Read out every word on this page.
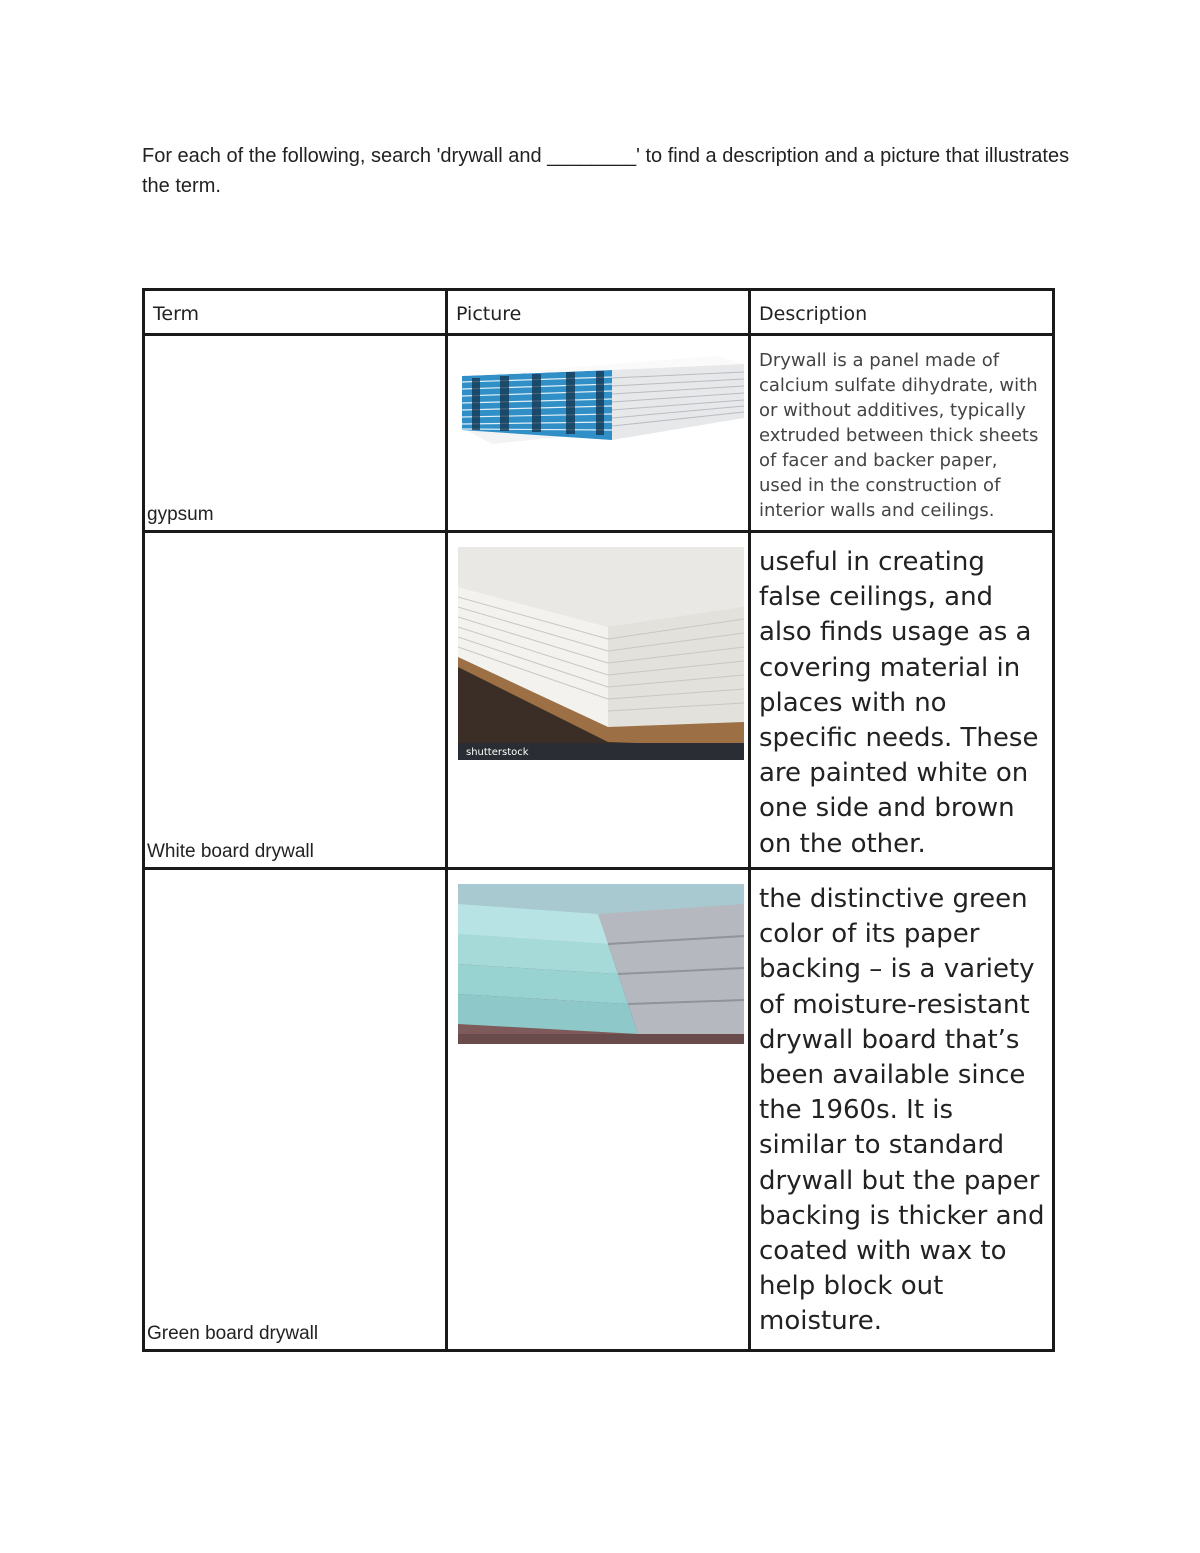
For each of the following, search 'drywall and ________' to find a description and a picture that illustrates the term.
Term	Picture	Description

gypsum		Drywall is a panel made of calcium sulfate dihydrate, with or without additives, typically extruded between thick sheets of facer and backer paper, used in the construction of interior walls and ceilings.

White board drywall	shutterstock	useful in creating false ceilings, and also finds usage as a covering material in places with no specific needs. These are painted white on one side and brown on the other.

Green board drywall		the distinctive green color of its paper backing – is a variety of moisture-resistant drywall board that’s been available since the 1960s. It is similar to standard drywall but the paper backing is thicker and coated with wax to help block out moisture.
